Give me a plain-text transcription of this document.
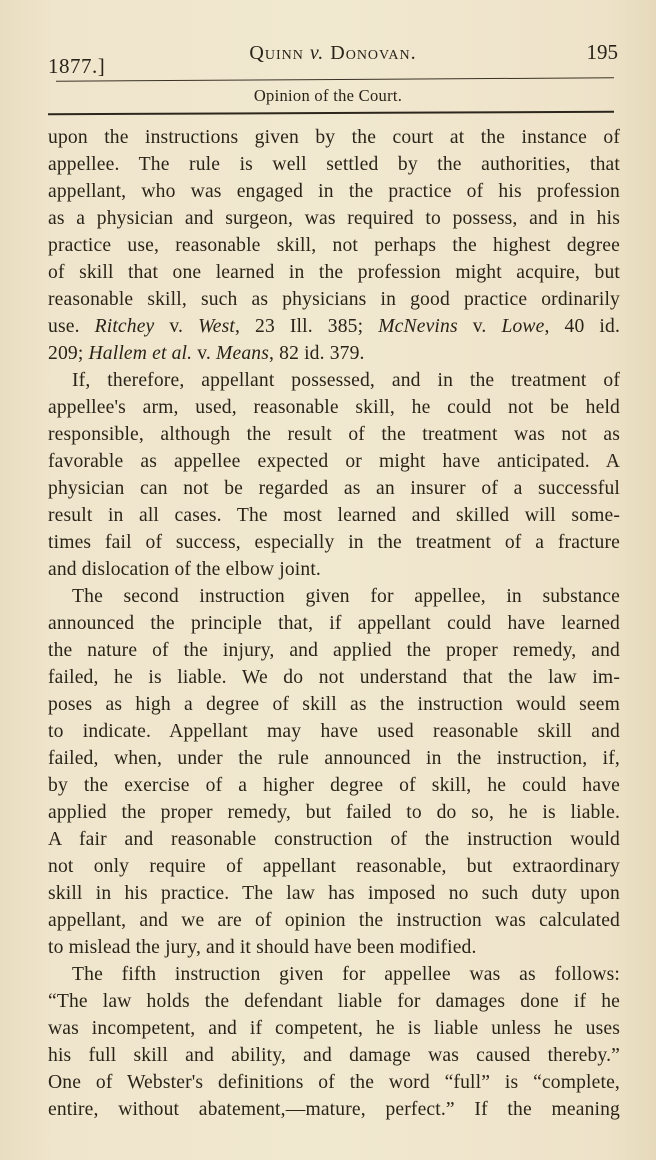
1877.]
Quinn v. Donovan.	195
Opinion of the Court.
upon the instructions given by the court at the instance of
appellee. The rule is well settled by the authorities, that
appellant, who was engaged in the practice of his profession
as a physician and surgeon, was required to possess, and in his
practice use, reasonable skill, not perhaps the highest degree
of skill that one learned in the profession might acquire, but
reasonable skill, such as physicians in good practice ordinarily
use. Ritchey v. West, 23 Ill. 385; McNevins v. Lowe, 40 id.
209; Hallem et al. v. Means, 82 id. 379.
If, therefore, appellant possessed, and in the treatment of
appellee's arm, used, reasonable skill, he could not be held
responsible, although the result of the treatment was not as
favorable as appellee expected or might have anticipated. A
physician can not be regarded as an insurer of a successful
result in all cases. The most learned and skilled will some-
times fail of success, especially in the treatment of a fracture
and dislocation of the elbow joint.
The second instruction given for appellee, in substance
announced the principle that, if appellant could have learned
the nature of the injury, and applied the proper remedy, and
failed, he is liable. We do not understand that the law im-
poses as high a degree of skill as the instruction would seem
to indicate. Appellant may have used reasonable skill and
failed, when, under the rule announced in the instruction, if,
by the exercise of a higher degree of skill, he could have
applied the proper remedy, but failed to do so, he is liable.
A fair and reasonable construction of the instruction would
not only require of appellant reasonable, but extraordinary
skill in his practice. The law has imposed no such duty upon
appellant, and we are of opinion the instruction was calculated
to mislead the jury, and it should have been modified.
The fifth instruction given for appellee was as follows:
“The law holds the defendant liable for damages done if he
was incompetent, and if competent, he is liable unless he uses
his full skill and ability, and damage was caused thereby.”
One of Webster's definitions of the word “full” is “complete,
entire, without abatement,—mature, perfect.” If the meaning
